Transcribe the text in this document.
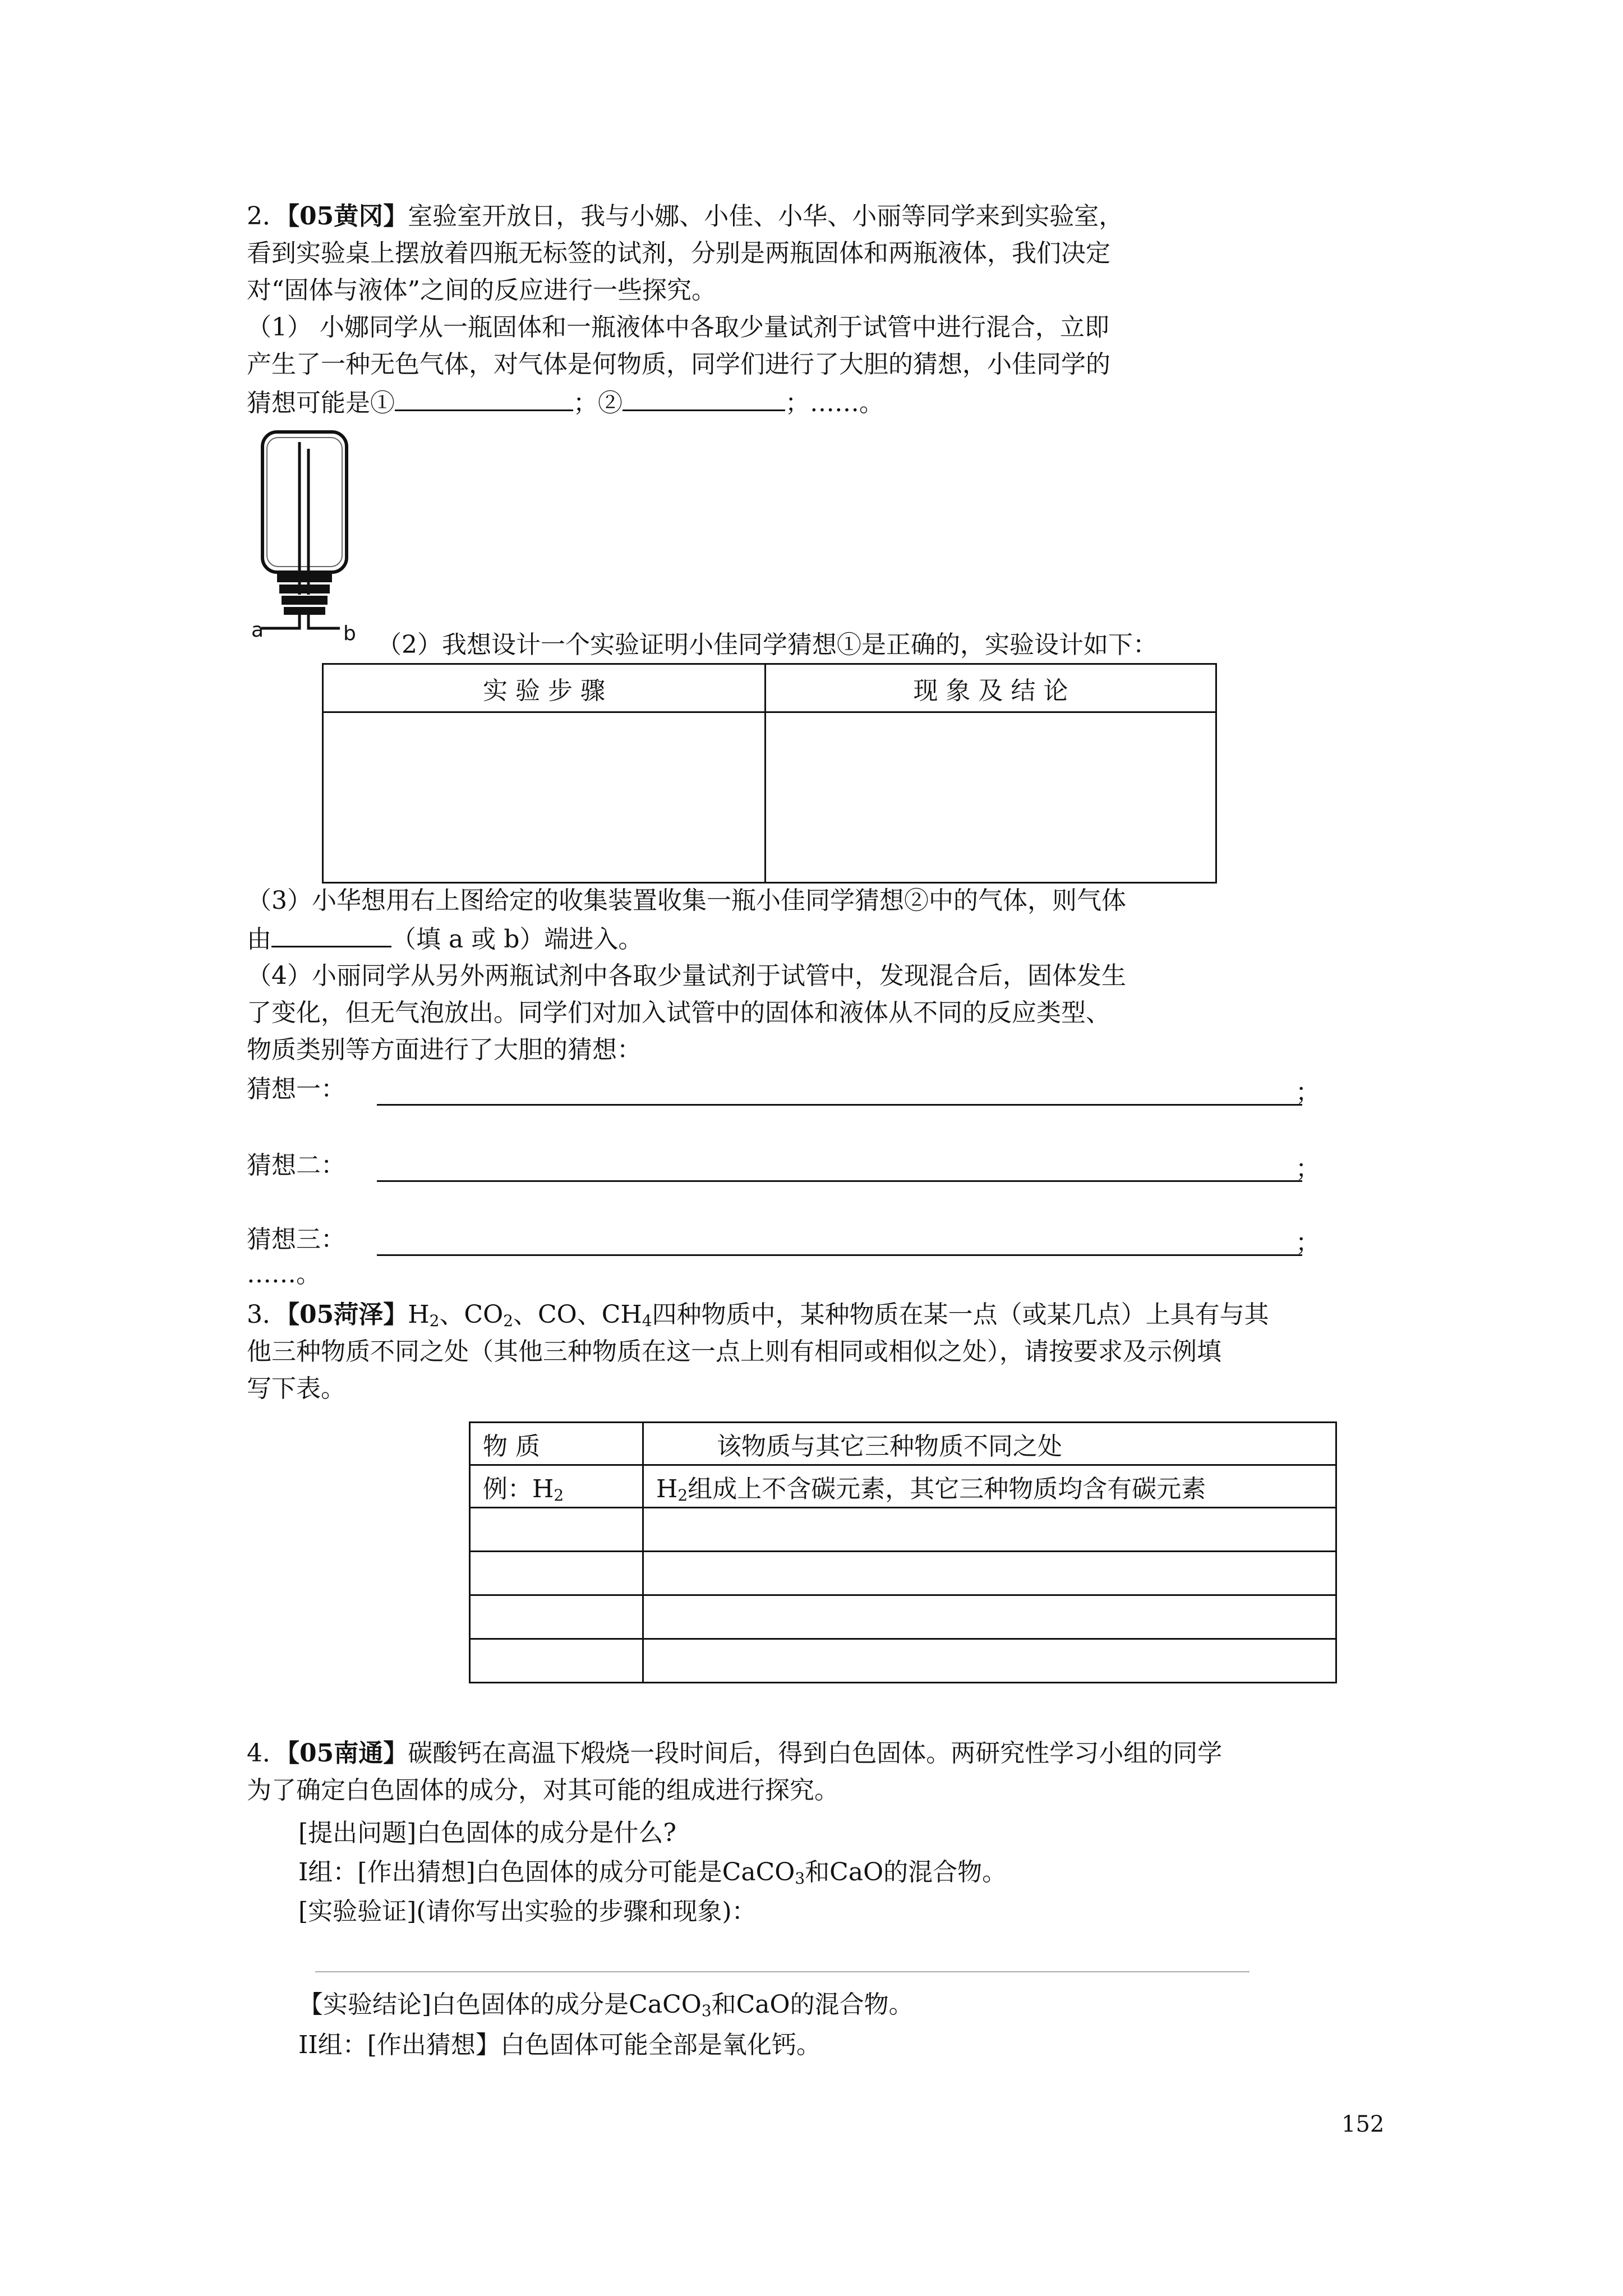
2．【05黄冈】室验室开放日，我与小娜、小佳、小华、小丽等同学来到实验室，
看到实验桌上摆放着四瓶无标签的试剂，分别是两瓶固体和两瓶液体，我们决定
对“固体与液体”之间的反应进行一些探究。
（1） 小娜同学从一瓶固体和一瓶液体中各取少量试剂于试管中进行混合，立即
产生了一种无色气体，对气体是何物质，同学们进行了大胆的猜想，小佳同学的
猜想可能是①	；②	；……。
a	b （2）我想设计一个实验证明小佳同学猜想①是正确的，实验设计如下：
实 验 步 骤	现 象 及 结 论

（3）小华想用右上图给定的收集装置收集一瓶小佳同学猜想②中的气体，则气体
由	（填 a 或 b）端进入。
（4）小丽同学从另外两瓶试剂中各取少量试剂于试管中，发现混合后，固体发生
了变化，但无气泡放出。同学们对加入试管中的固体和液体从不同的反应类型、
物质类别等方面进行了大胆的猜想：
猜想一：	；
猜想二：	；
猜想三：	；
……。
3．【05菏泽】$H_2$、$CO_2$、CO、$CH_4$四种物质中，某种物质在某一点（或某几点）上具有与其
他三种物质不同之处（其他三种物质在这一点上则有相同或相似之处），请按要求及示例填
写下表。
物 质	该物质与其它三种物质不同之处
例：$H_2$	$H_2$组成上不含碳元素，其它三种物质均含有碳元素

4．【05南通】碳酸钙在高温下煅烧一段时间后，得到白色固体。两研究性学习小组的同学
为了确定白色固体的成分，对其可能的组成进行探究。
[提出问题]白色固体的成分是什么?
I组：[作出猜想]白色固体的成分可能是CaCO$_3$和CaO的混合物。
[实验验证](请你写出实验的步骤和现象)：
【实验结论]白色固体的成分是CaCO$_3$和CaO的混合物。
II组：[作出猜想】白色固体可能全部是氧化钙。
152
